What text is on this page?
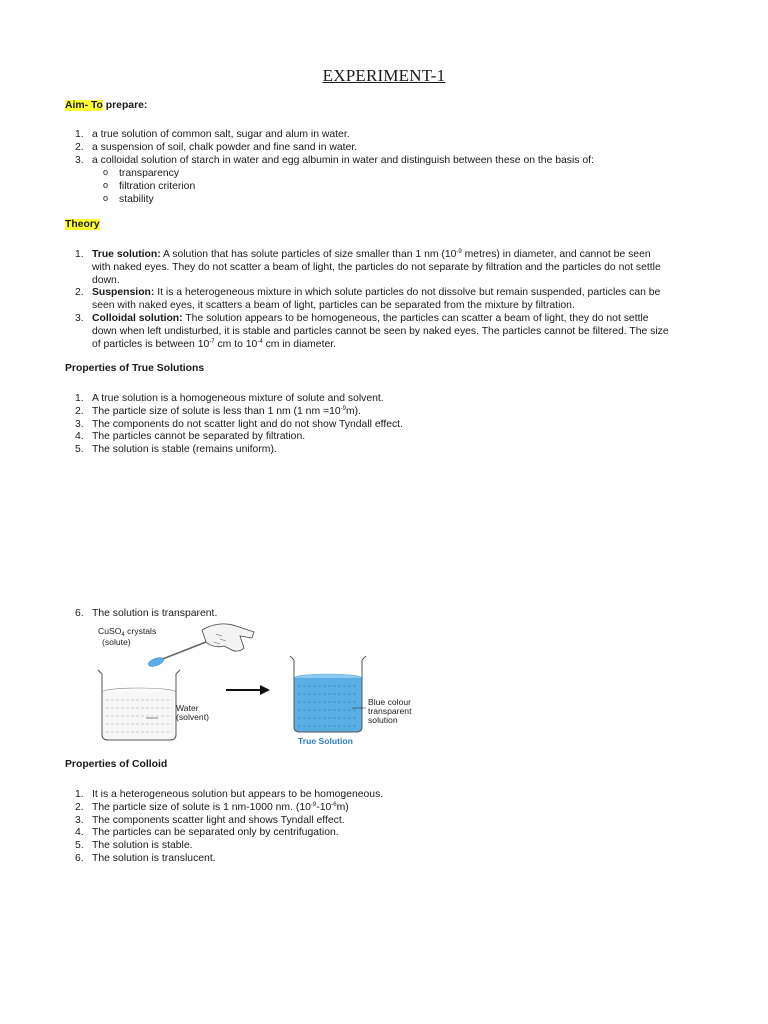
EXPERIMENT-1
Aim- To prepare:
1. a true solution of common salt, sugar and alum in water.
2. a suspension of soil, chalk powder and fine sand in water.
3. a colloidal solution of starch in water and egg albumin in water and distinguish between these on the basis of:
o transparency
o filtration criterion
o stability
Theory
1. True solution: A solution that has solute particles of size smaller than 1 nm ($10^{-9}$ metres) in diameter, and cannot be seen
with naked eyes. They do not scatter a beam of light, the particles do not separate by filtration and the particles do not settle
down.
2. Suspension: It is a heterogeneous mixture in which solute particles do not dissolve but remain suspended, particles can be
seen with naked eyes, it scatters a beam of light, particles can be separated from the mixture by filtration.
3. Colloidal solution: The solution appears to be homogeneous, the particles can scatter a beam of light, they do not settle
down when left undisturbed, it is stable and particles cannot be seen by naked eyes. The particles cannot be filtered. The size
of particles is between $10^{-7}$ cm to $10^{-4}$ cm in diameter.
Properties of True Solutions
1. A true solution is a homogeneous mixture of solute and solvent.
2. The particle size of solute is less than 1 nm (1 nm $=10^{-9}m$).
3. The components do not scatter light and do not show Tyndall effect.
4. The particles cannot be separated by filtration.
5. The solution is stable (remains uniform).
6. The solution is transparent.
CuSO$_4$ crystals
(solute)
Water
(solvent)
Blue colour
transparent
solution
True Solution
Properties of Colloid
1. It is a heterogeneous solution but appears to be homogeneous.
2. The particle size of solute is 1 nm-1000 nm. $(10^{-9}-10^{-6}m)$
3. The components scatter light and shows Tyndall effect.
4. The particles can be separated only by centrifugation.
5. The solution is stable.
6. The solution is translucent.
